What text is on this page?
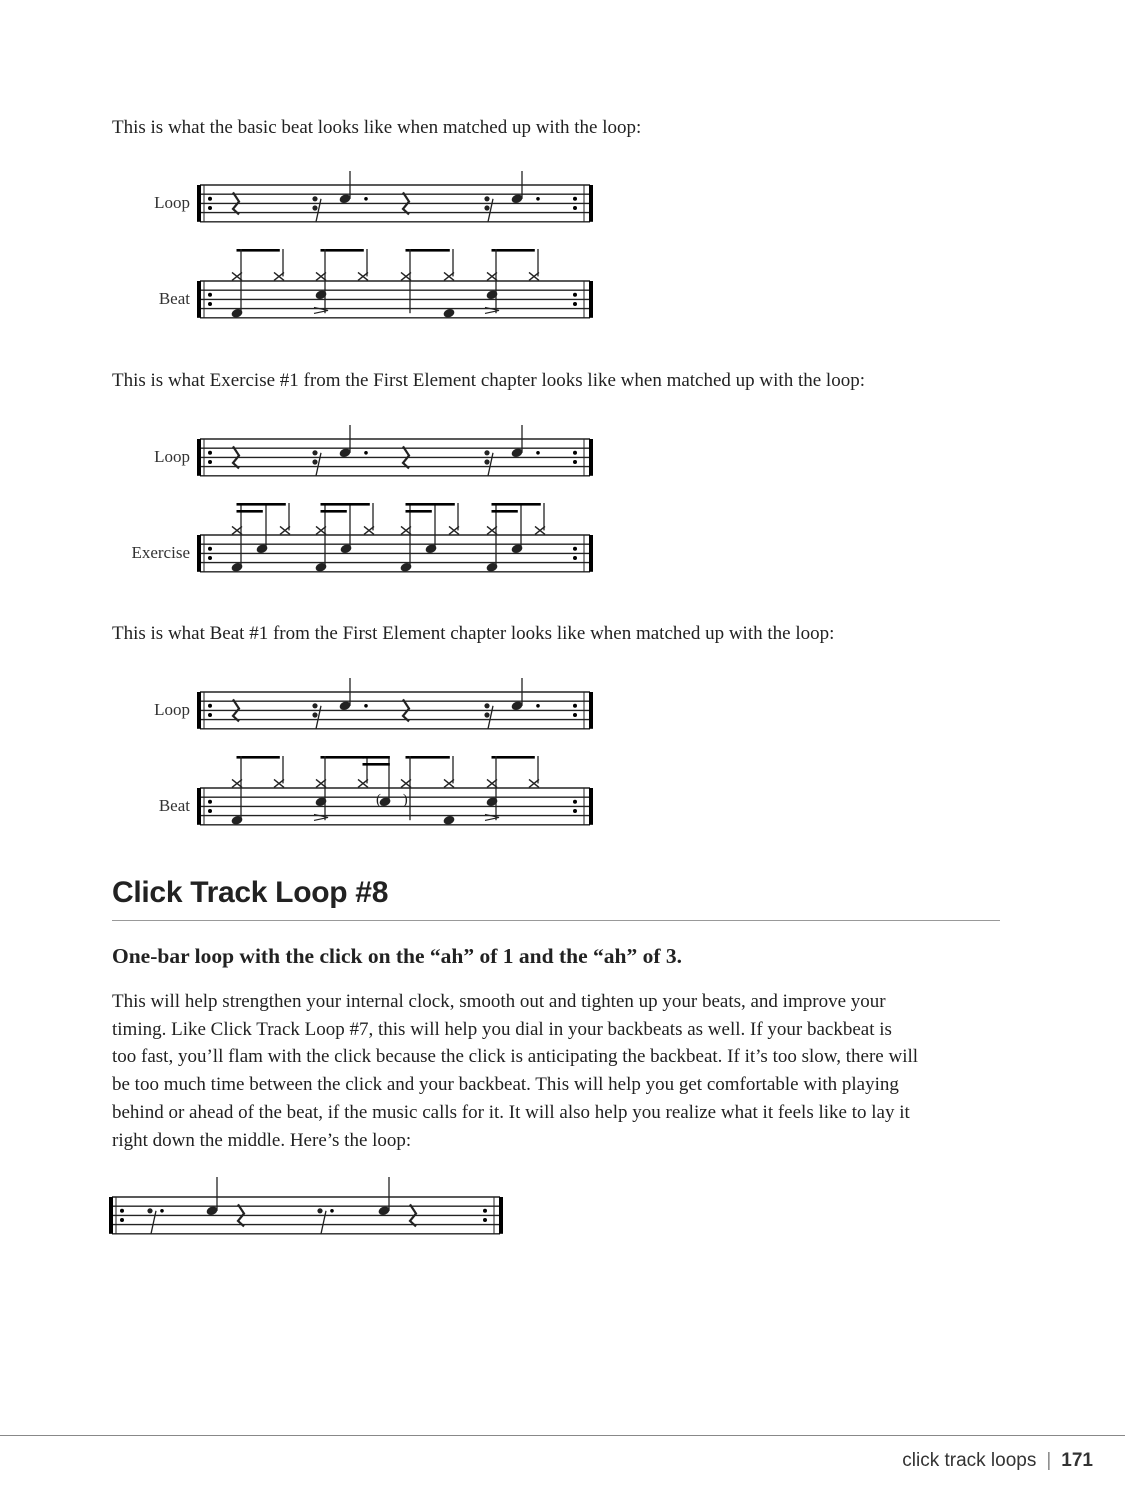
This is what the basic beat looks like when matched up with the loop:
Loop
Beat
This is what Exercise #1 from the First Element chapter looks like when matched up with the loop:
Loop
Exercise
This is what Beat #1 from the First Element chapter looks like when matched up with the loop:
Loop
Beat	( )
Click Track Loop #8
One-bar loop with the click on the “ah” of 1 and the “ah” of 3.
This will help strengthen your internal clock, smooth out and tighten up your beats, and improve your
timing. Like Click Track Loop #7, this will help you dial in your backbeats as well. If your backbeat is
too fast, you’ll flam with the click because the click is anticipating the backbeat. If it’s too slow, there will
be too much time between the click and your backbeat. This will help you get comfortable with playing
behind or ahead of the beat, if the music calls for it. It will also help you realize what it feels like to lay it
right down the middle. Here’s the loop:
click track loops | 171
